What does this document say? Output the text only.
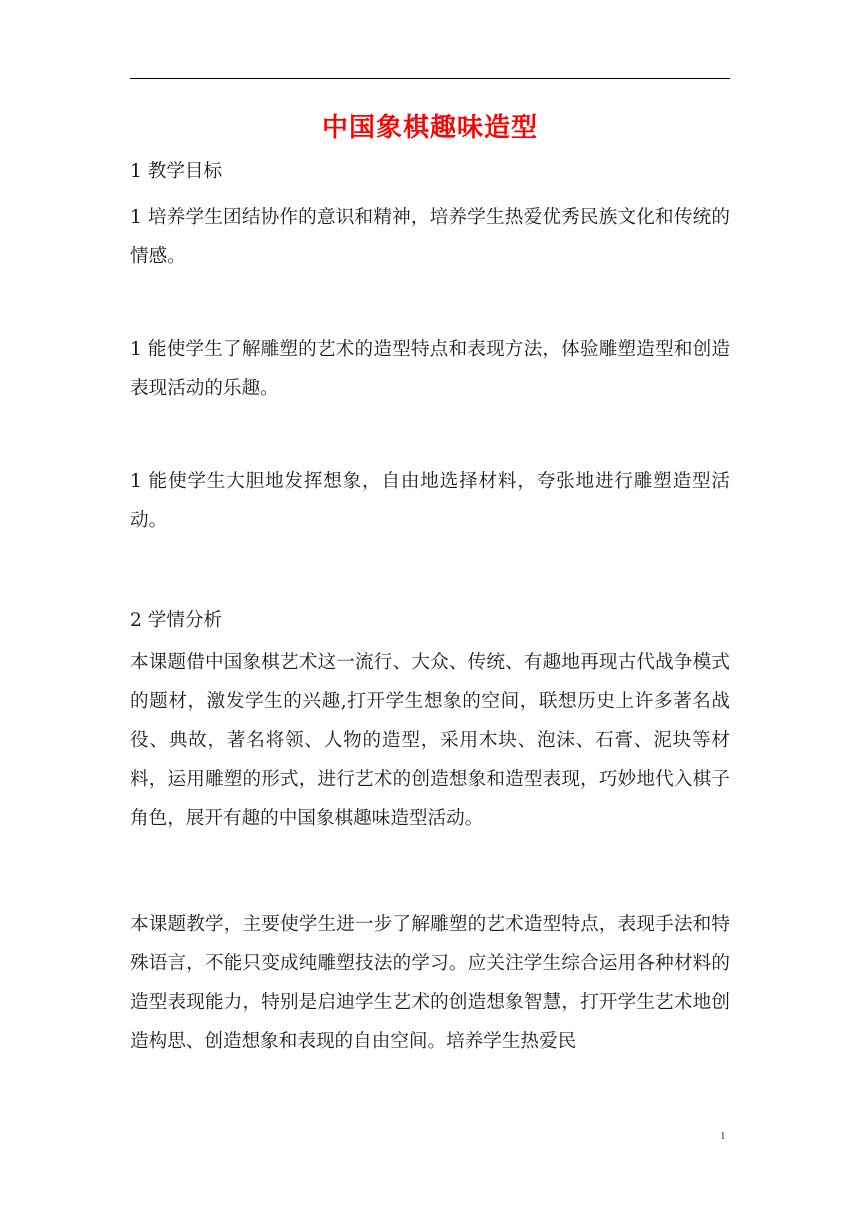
中国象棋趣味造型

1 教学目标

1 培养学生团结协作的意识和精神，培养学生热爱优秀民族文化和传统的情感。

1 能使学生了解雕塑的艺术的造型特点和表现方法，体验雕塑造型和创造表现活动的乐趣。

1 能使学生大胆地发挥想象，自由地选择材料，夸张地进行雕塑造型活动。

2 学情分析

本课题借中国象棋艺术这一流行、大众、传统、有趣地再现古代战争模式的题材，激发学生的兴趣,打开学生想象的空间，联想历史上许多著名战役、典故，著名将领、人物的造型，采用木块、泡沫、石膏、泥块等材料，运用雕塑的形式，进行艺术的创造想象和造型表现，巧妙地代入棋子角色，展开有趣的中国象棋趣味造型活动。

本课题教学，主要使学生进一步了解雕塑的艺术造型特点，表现手法和特殊语言，不能只变成纯雕塑技法的学习。应关注学生综合运用各种材料的造型表现能力，特别是启迪学生艺术的创造想象智慧，打开学生艺术地创造构思、创造想象和表现的自由空间。培养学生热爱民

1
